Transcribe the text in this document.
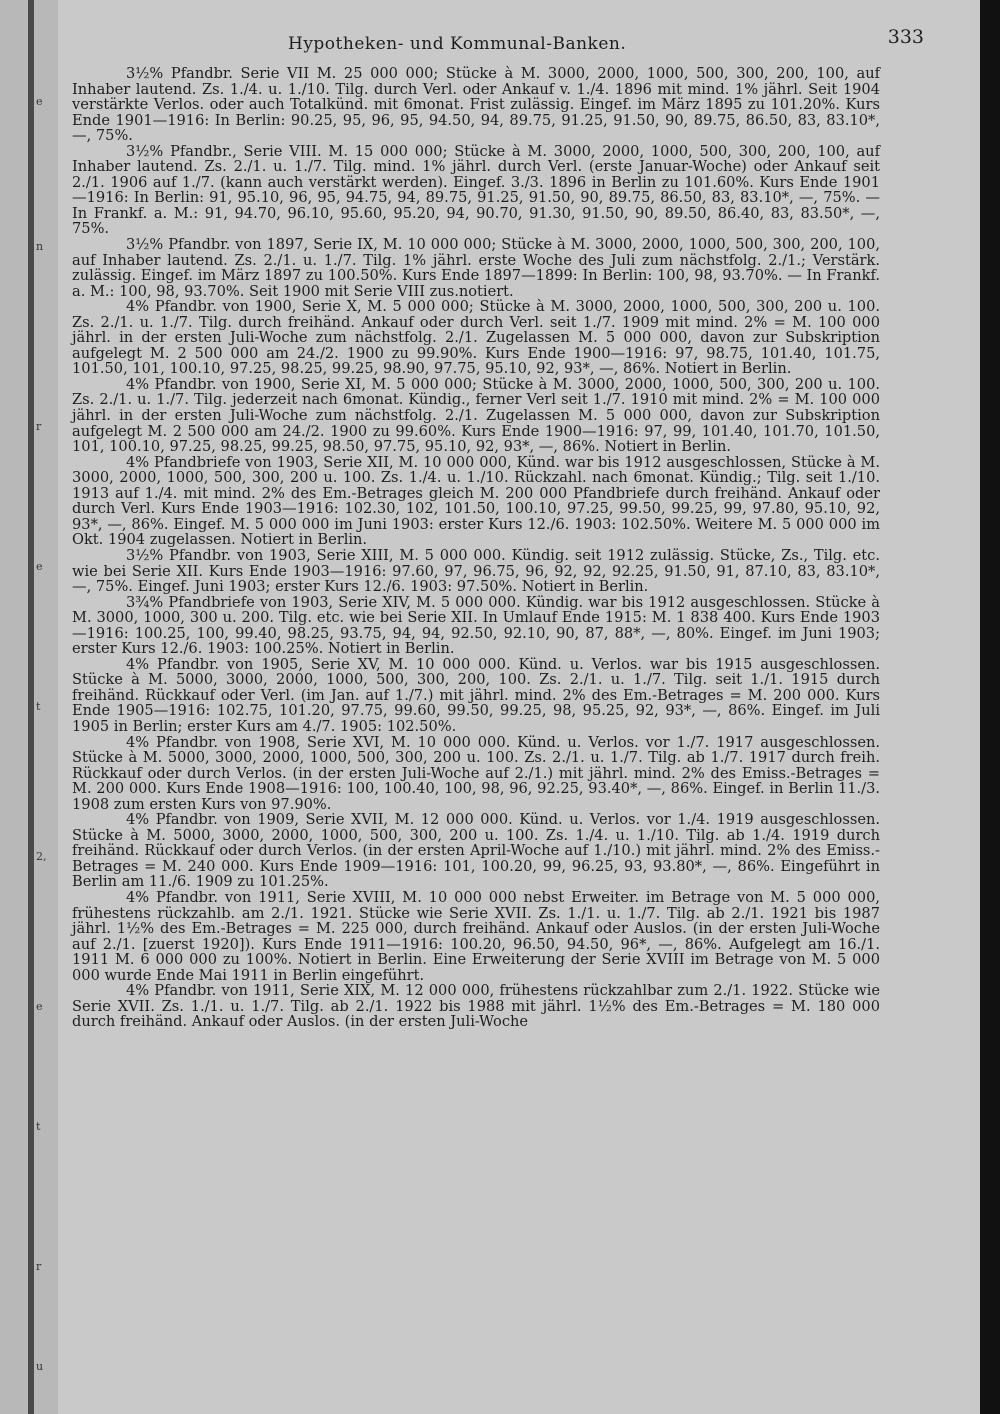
e
n
r
e
t
2,
e
t
r
u
Hypotheken- und Kommunal-Banken.	333

3½% Pfandbr. Serie VII M. 25 000 000; Stücke à M. 3000, 2000, 1000, 500, 300, 200, 100, auf Inhaber lautend. Zs. 1./4. u. 1./10. Tilg. durch Verl. oder Ankauf v. 1./4. 1896 mit mind. 1% jährl. Seit 1904 verstärkte Verlos. oder auch Totalkünd. mit 6monat. Frist zulässig. Eingef. im März 1895 zu 101.20%. Kurs Ende 1901—1916: In Berlin: 90.25, 95, 96, 95, 94.50, 94, 89.75, 91.25, 91.50, 90, 89.75, 86.50, 83, 83.10*, —, 75%.

3½% Pfandbr., Serie VIII. M. 15 000 000; Stücke à M. 3000, 2000, 1000, 500, 300, 200, 100, auf Inhaber lautend. Zs. 2./1. u. 1./7. Tilg. mind. 1% jährl. durch Verl. (erste Januar-Woche) oder Ankauf seit 2./1. 1906 auf 1./7. (kann auch verstärkt werden). Eingef. 3./3. 1896 in Berlin zu 101.60%. Kurs Ende 1901—1916: In Berlin: 91, 95.10, 96, 95, 94.75, 94, 89.75, 91.25, 91.50, 90, 89.75, 86.50, 83, 83.10*, —, 75%. — In Frankf. a. M.: 91, 94.70, 96.10, 95.60, 95.20, 94, 90.70, 91.30, 91.50, 90, 89.50, 86.40, 83, 83.50*, —, 75%.

3½% Pfandbr. von 1897, Serie IX, M. 10 000 000; Stücke à M. 3000, 2000, 1000, 500, 300, 200, 100, auf Inhaber lautend. Zs. 2./1. u. 1./7. Tilg. 1% jährl. erste Woche des Juli zum nächstfolg. 2./1.; Verstärk. zulässig. Eingef. im März 1897 zu 100.50%. Kurs Ende 1897—1899: In Berlin: 100, 98, 93.70%. — In Frankf. a. M.: 100, 98, 93.70%. Seit 1900 mit Serie VIII zus.notiert.

4% Pfandbr. von 1900, Serie X, M. 5 000 000; Stücke à M. 3000, 2000, 1000, 500, 300, 200 u. 100. Zs. 2./1. u. 1./7. Tilg. durch freihänd. Ankauf oder durch Verl. seit 1./7. 1909 mit mind. 2% = M. 100 000 jährl. in der ersten Juli-Woche zum nächstfolg. 2./1. Zugelassen M. 5 000 000, davon zur Subskription aufgelegt M. 2 500 000 am 24./2. 1900 zu 99.90%. Kurs Ende 1900—1916: 97, 98.75, 101.40, 101.75, 101.50, 101, 100.10, 97.25, 98.25, 99.25, 98.90, 97.75, 95.10, 92, 93*, —, 86%. Notiert in Berlin.

4% Pfandbr. von 1900, Serie XI, M. 5 000 000; Stücke à M. 3000, 2000, 1000, 500, 300, 200 u. 100. Zs. 2./1. u. 1./7. Tilg. jederzeit nach 6monat. Kündig., ferner Verl seit 1./7. 1910 mit mind. 2% = M. 100 000 jährl. in der ersten Juli-Woche zum nächstfolg. 2./1. Zugelassen M. 5 000 000, davon zur Subskription aufgelegt M. 2 500 000 am 24./2. 1900 zu 99.60%. Kurs Ende 1900—1916: 97, 99, 101.40, 101.70, 101.50, 101, 100.10, 97.25, 98.25, 99.25, 98.50, 97.75, 95.10, 92, 93*, —, 86%. Notiert in Berlin.

4% Pfandbriefe von 1903, Serie XII, M. 10 000 000, Künd. war bis 1912 ausgeschlossen, Stücke à M. 3000, 2000, 1000, 500, 300, 200 u. 100. Zs. 1./4. u. 1./10. Rückzahl. nach 6monat. Kündig.; Tilg. seit 1./10. 1913 auf 1./4. mit mind. 2% des Em.-Betrages gleich M. 200 000 Pfandbriefe durch freihänd. Ankauf oder durch Verl. Kurs Ende 1903—1916: 102.30, 102, 101.50, 100.10, 97.25, 99.50, 99.25, 99, 97.80, 95.10, 92, 93*, —, 86%. Eingef. M. 5 000 000 im Juni 1903: erster Kurs 12./6. 1903: 102.50%. Weitere M. 5 000 000 im Okt. 1904 zugelassen. Notiert in Berlin.

3½% Pfandbr. von 1903, Serie XIII, M. 5 000 000. Kündig. seit 1912 zulässig. Stücke, Zs., Tilg. etc. wie bei Serie XII. Kurs Ende 1903—1916: 97.60, 97, 96.75, 96, 92, 92, 92.25, 91.50, 91, 87.10, 83, 83.10*, —, 75%. Eingef. Juni 1903; erster Kurs 12./6. 1903: 97.50%. Notiert in Berlin.

3¾% Pfandbriefe von 1903, Serie XIV, M. 5 000 000. Kündig. war bis 1912 ausgeschlossen. Stücke à M. 3000, 1000, 300 u. 200. Tilg. etc. wie bei Serie XII. In Umlauf Ende 1915: M. 1 838 400. Kurs Ende 1903—1916: 100.25, 100, 99.40, 98.25, 93.75, 94, 94, 92.50, 92.10, 90, 87, 88*, —, 80%. Eingef. im Juni 1903; erster Kurs 12./6. 1903: 100.25%. Notiert in Berlin.

4% Pfandbr. von 1905, Serie XV, M. 10 000 000. Künd. u. Verlos. war bis 1915 ausgeschlossen. Stücke à M. 5000, 3000, 2000, 1000, 500, 300, 200, 100. Zs. 2./1. u. 1./7. Tilg. seit 1./1. 1915 durch freihänd. Rückkauf oder Verl. (im Jan. auf 1./7.) mit jährl. mind. 2% des Em.-Betrages = M. 200 000. Kurs Ende 1905—1916: 102.75, 101.20, 97.75, 99.60, 99.50, 99.25, 98, 95.25, 92, 93*, —, 86%. Eingef. im Juli 1905 in Berlin; erster Kurs am 4./7. 1905: 102.50%.

4% Pfandbr. von 1908, Serie XVI, M. 10 000 000. Künd. u. Verlos. vor 1./7. 1917 ausgeschlossen. Stücke à M. 5000, 3000, 2000, 1000, 500, 300, 200 u. 100. Zs. 2./1. u. 1./7. Tilg. ab 1./7. 1917 durch freih. Rückkauf oder durch Verlos. (in der ersten Juli-Woche auf 2./1.) mit jährl. mind. 2% des Emiss.-Betrages = M. 200 000. Kurs Ende 1908—1916: 100, 100.40, 100, 98, 96, 92.25, 93.40*, —, 86%. Eingef. in Berlin 11./3. 1908 zum ersten Kurs von 97.90%.

4% Pfandbr. von 1909, Serie XVII, M. 12 000 000. Künd. u. Verlos. vor 1./4. 1919 ausgeschlossen. Stücke à M. 5000, 3000, 2000, 1000, 500, 300, 200 u. 100. Zs. 1./4. u. 1./10. Tilg. ab 1./4. 1919 durch freihänd. Rückkauf oder durch Verlos. (in der ersten April-Woche auf 1./10.) mit jährl. mind. 2% des Emiss.-Betrages = M. 240 000. Kurs Ende 1909—1916: 101, 100.20, 99, 96.25, 93, 93.80*, —, 86%. Eingeführt in Berlin am 11./6. 1909 zu 101.25%.

4% Pfandbr. von 1911, Serie XVIII, M. 10 000 000 nebst Erweiter. im Betrage von M. 5 000 000, frühestens rückzahlb. am 2./1. 1921. Stücke wie Serie XVII. Zs. 1./1. u. 1./7. Tilg. ab 2./1. 1921 bis 1987 jährl. 1½% des Em.-Betrages = M. 225 000, durch freihänd. Ankauf oder Auslos. (in der ersten Juli-Woche auf 2./1. [zuerst 1920]). Kurs Ende 1911—1916: 100.20, 96.50, 94.50, 96*, —, 86%. Aufgelegt am 16./1. 1911 M. 6 000 000 zu 100%. Notiert in Berlin. Eine Erweiterung der Serie XVIII im Betrage von M. 5 000 000 wurde Ende Mai 1911 in Berlin eingeführt.

4% Pfandbr. von 1911, Serie XIX, M. 12 000 000, frühestens rückzahlbar zum 2./1. 1922. Stücke wie Serie XVII. Zs. 1./1. u. 1./7. Tilg. ab 2./1. 1922 bis 1988 mit jährl. 1½% des Em.-Betrages = M. 180 000 durch freihänd. Ankauf oder Auslos. (in der ersten Juli-Woche
